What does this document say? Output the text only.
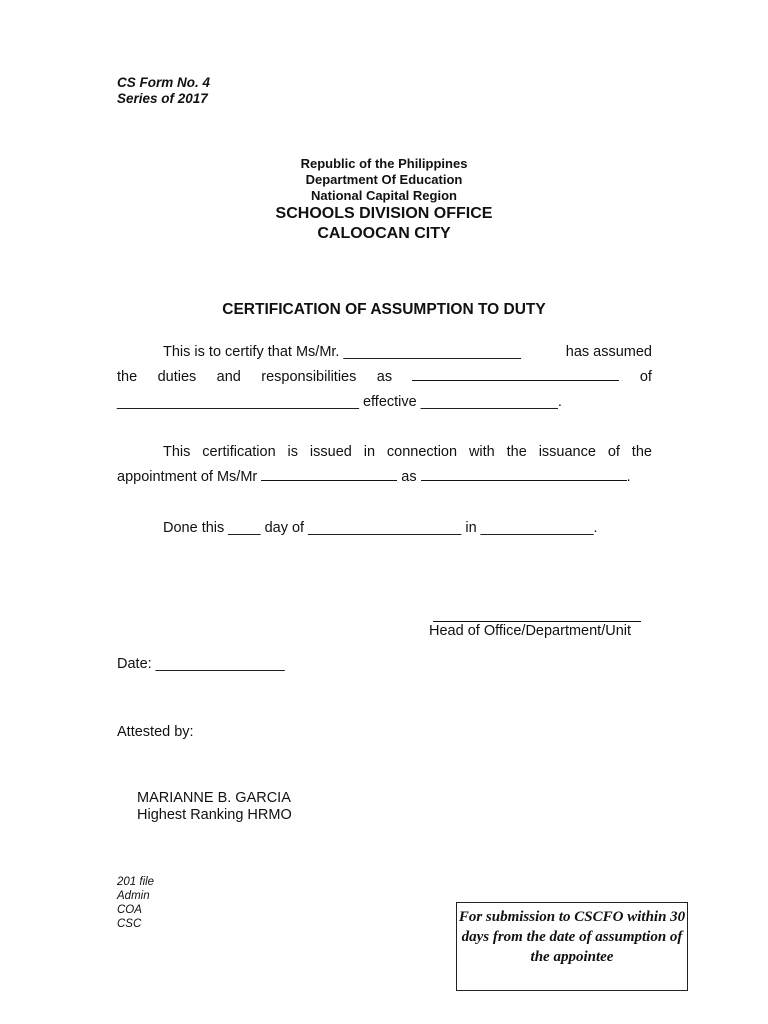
CS Form No. 4
Series of 2017
Republic of the Philippines
Department Of Education
National Capital Region
SCHOOLS DIVISION OFFICE
CALOOCAN CITY
CERTIFICATION OF ASSUMPTION TO DUTY
This is to certify that Ms/Mr. ______________________	has assumed
the duties and responsibilities as	of
______________________________ effective _________________.
This certification is issued in connection with the issuance of the
appointment of Ms/Mr	as	.
Done this ____ day of ___________________ in ______________.
Head of Office/Department/Unit
Date: ________________
Attested by:
MARIANNE B. GARCIA
Highest Ranking HRMO
201 file
Admin
COA
CSC	For submission to CSCFO within 30 days from the date of assumption of the appointee
